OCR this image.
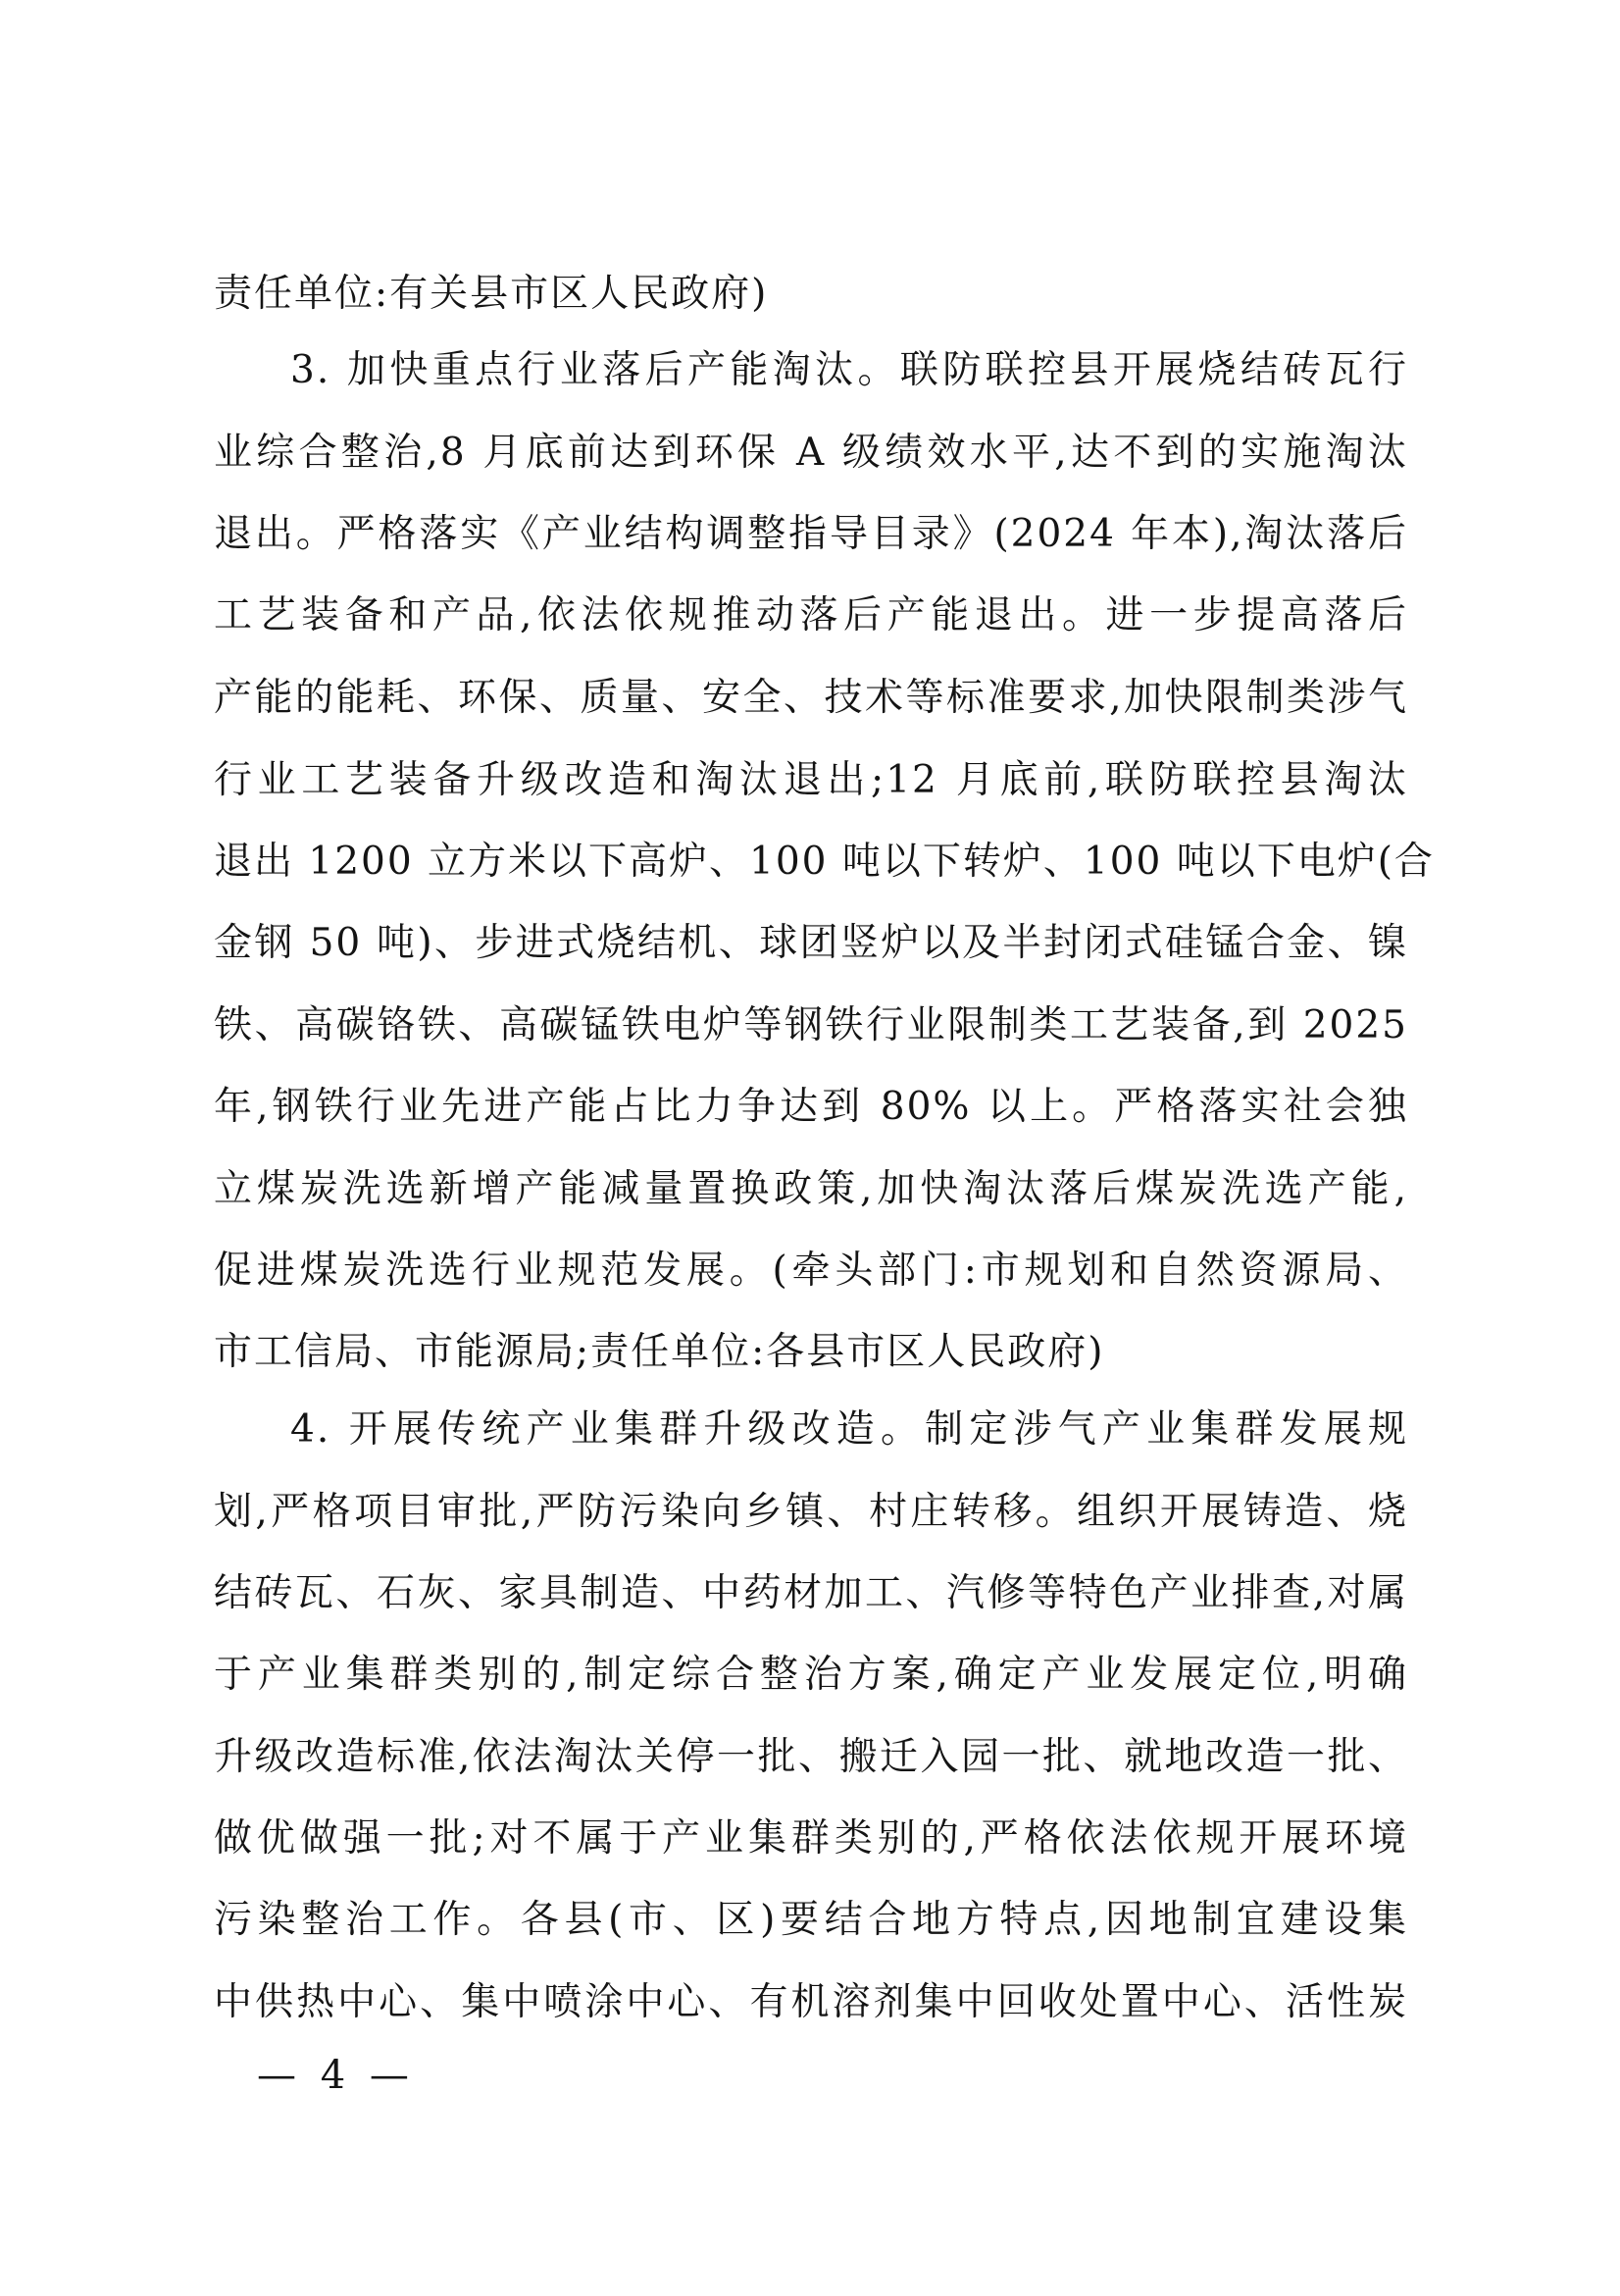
责任单位:有关县市区人民政府)
3. 加快重点行业落后产能淘汰。联防联控县开展烧结砖瓦行
业综合整治,8 月底前达到环保 A 级绩效水平,达不到的实施淘汰
退出。严格落实《产业结构调整指导目录》(2024 年本),淘汰落后
工艺装备和产品,依法依规推动落后产能退出。进一步提高落后
产能的能耗、环保、质量、安全、技术等标准要求,加快限制类涉气
行业工艺装备升级改造和淘汰退出;12 月底前,联防联控县淘汰
退出 1200 立方米以下高炉、100 吨以下转炉、100 吨以下电炉(合
金钢 50 吨)、步进式烧结机、球团竖炉以及半封闭式硅锰合金、镍
铁、高碳铬铁、高碳锰铁电炉等钢铁行业限制类工艺装备,到 2025
年,钢铁行业先进产能占比力争达到 80% 以上。严格落实社会独
立煤炭洗选新增产能减量置换政策,加快淘汰落后煤炭洗选产能,
促进煤炭洗选行业规范发展。(牵头部门:市规划和自然资源局、
市工信局、市能源局;责任单位:各县市区人民政府)
4. 开展传统产业集群升级改造。制定涉气产业集群发展规
划,严格项目审批,严防污染向乡镇、村庄转移。组织开展铸造、烧
结砖瓦、石灰、家具制造、中药材加工、汽修等特色产业排查,对属
于产业集群类别的,制定综合整治方案,确定产业发展定位,明确
升级改造标准,依法淘汰关停一批、搬迁入园一批、就地改造一批、
做优做强一批;对不属于产业集群类别的,严格依法依规开展环境
污染整治工作。各县(市、区)要结合地方特点,因地制宜建设集
中供热中心、集中喷涂中心、有机溶剂集中回收处置中心、活性炭
— 4 —
